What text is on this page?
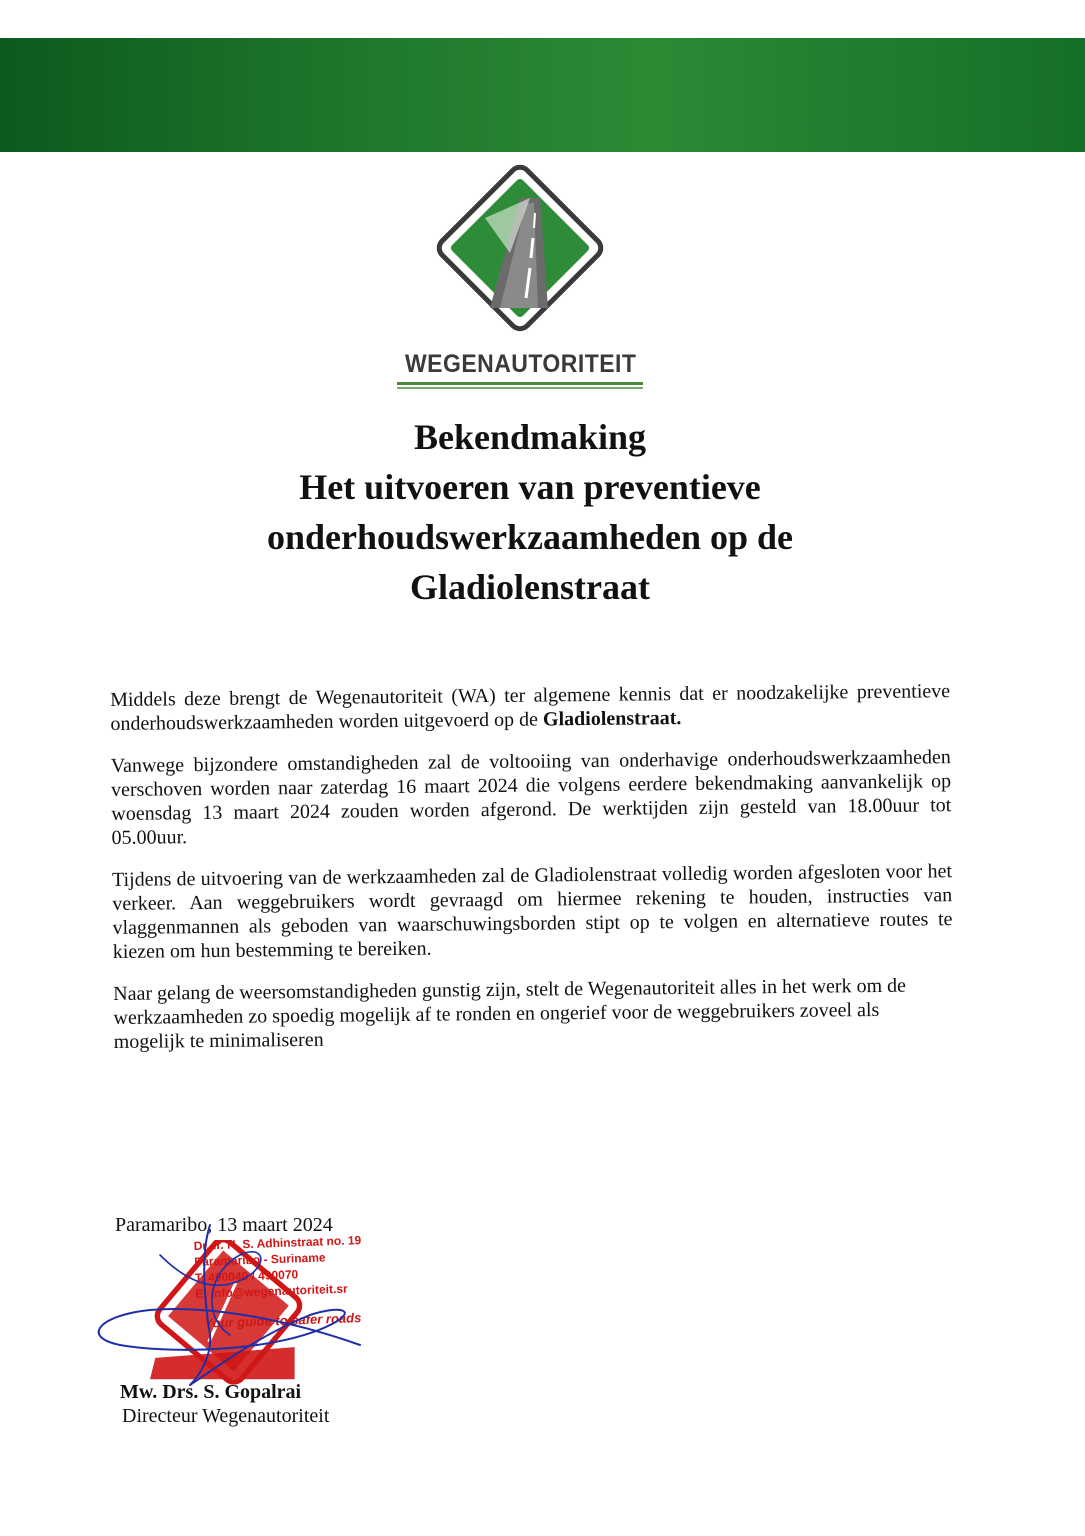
WEGENAUTORITEIT
Bekendmaking
Het uitvoeren van preventieve
onderhoudswerkzaamheden op de
Gladiolenstraat

Middels deze brengt de Wegenautoriteit (WA) ter algemene kennis dat er noodzakelijke preventieve onderhoudswerkzaamheden worden uitgevoerd op de Gladiolenstraat.

Vanwege bijzondere omstandigheden zal de voltooiing van onderhavige onderhoudswerkzaamheden verschoven worden naar zaterdag 16 maart 2024 die volgens eerdere bekendmaking aanvankelijk op woensdag 13 maart 2024 zouden worden afgerond. De werktijden zijn gesteld van 18.00uur tot 05.00uur.

Tijdens de uitvoering van de werkzaamheden zal de Gladiolenstraat volledig worden afgesloten voor het verkeer. Aan weggebruikers wordt gevraagd om hiermee rekening te houden, instructies van vlaggenmannen als geboden van waarschuwingsborden stipt op te volgen en alternatieve routes te kiezen om hun bestemming te bereiken.

Naar gelang de weersomstandigheden gunstig zijn, stelt de Wegenautoriteit alles in het werk om de werkzaamheden zo spoedig mogelijk af te ronden en ongerief voor de weggebruikers zoveel als mogelijk te minimaliseren

Paramaribo, 13 maart 2024
WEGENAUTORITEIT
Dr. Ir. H. S. Adhinstraat no. 19
Paramaribo - Suriname
T: 490040 / 490070
E: info@wegenautoriteit.sr
Your guide to safer roads
Mw. Drs. S. Gopalrai
Directeur Wegenautoriteit
